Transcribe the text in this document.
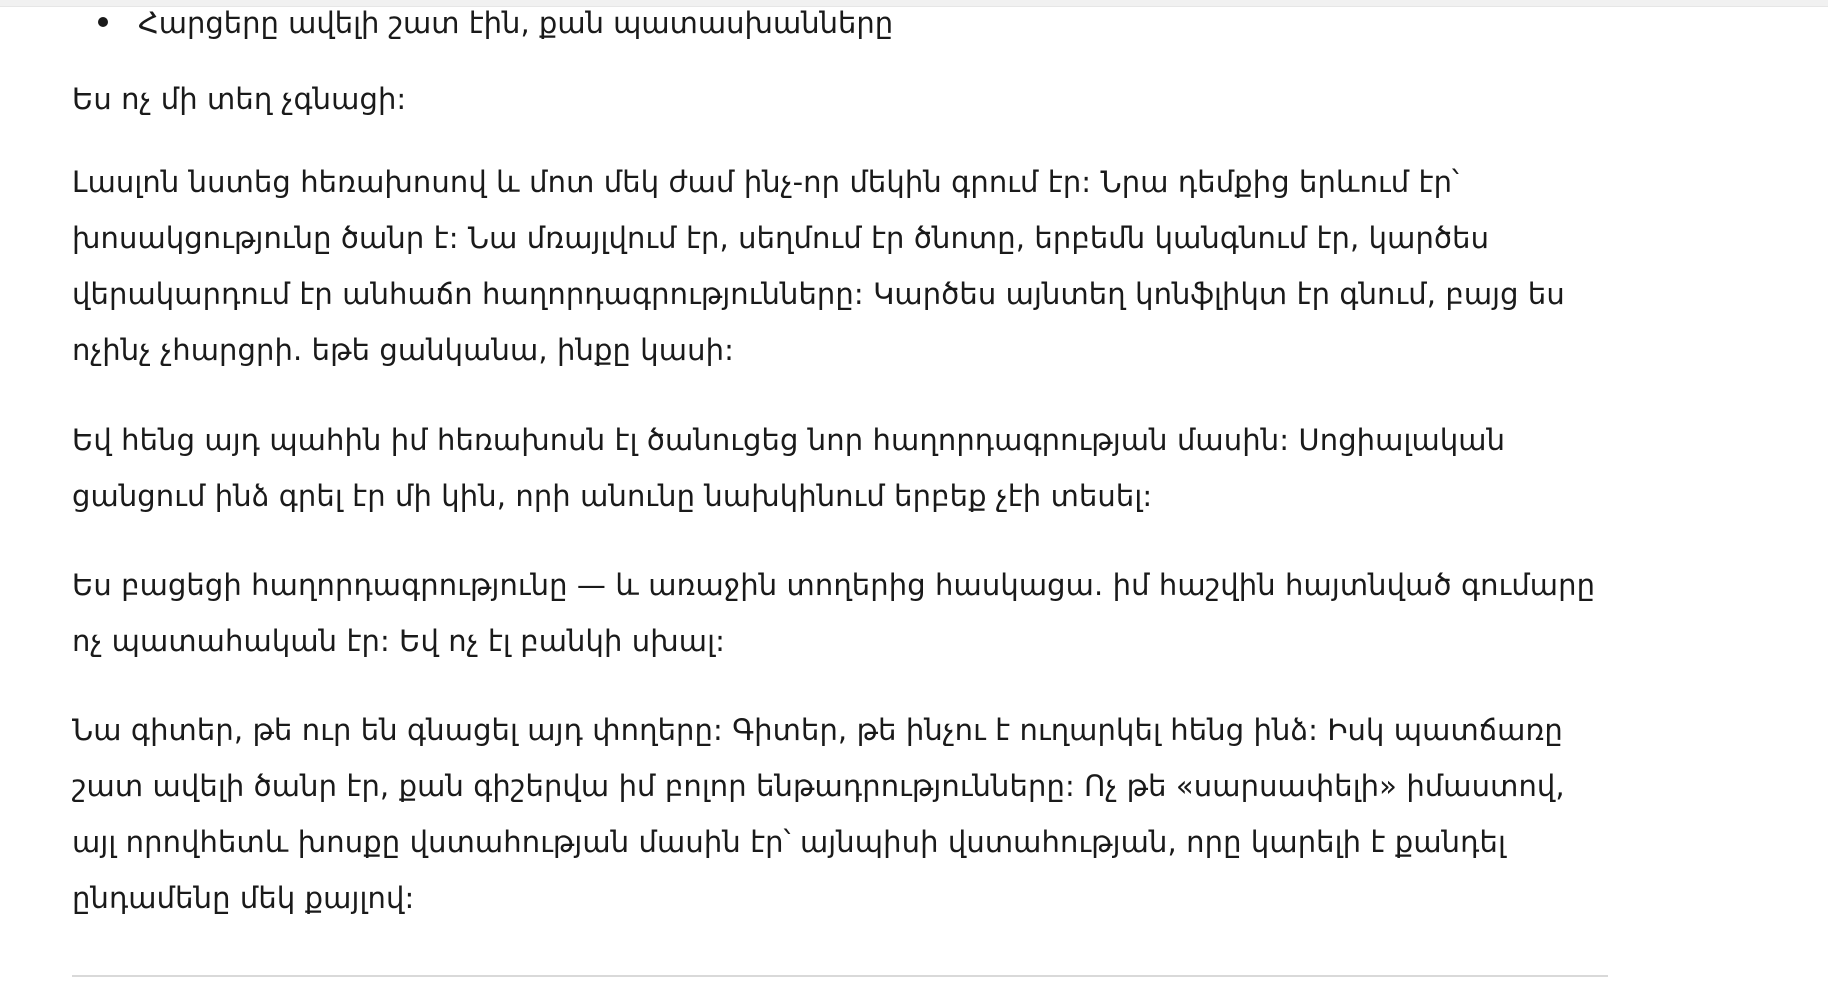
Հարցերը ավելի շատ էին, քան պատասխանները

Ես ոչ մի տեղ չգնացի:

Լասլոն նստեց հեռախոսով և մոտ մեկ ժամ ինչ-որ մեկին գրում էր: Նրա դեմքից երևում էր՝ խոսակցությունը ծանր է: Նա մռայլվում էր, սեղմում էր ծնոտը, երբեմն կանգնում էր, կարծես վերակարդում էր անհաճո հաղորդագրությունները: Կարծես այնտեղ կոնֆլիկտ էր գնում, բայց ես ոչինչ չհարցրի. եթե ցանկանա, ինքը կասի:

Եվ հենց այդ պահին իմ հեռախոսն էլ ծանուցեց նոր հաղորդագրության մասին: Սոցիալական ցանցում ինձ գրել էր մի կին, որի անունը նախկինում երբեք չէի տեսել:

Ես բացեցի հաղորդագրությունը — և առաջին տողերից հասկացա. իմ հաշվին հայտնված գումարը ոչ պատահական էր: Եվ ոչ էլ բանկի սխալ:

Նա գիտեր, թե ուր են գնացել այդ փողերը: Գիտեր, թե ինչու է ուղարկել հենց ինձ: Իսկ պատճառը շատ ավելի ծանր էր, քան գիշերվա իմ բոլոր ենթադրությունները: Ոչ թե «սարսափելի» իմաստով, այլ որովհետև խոսքը վստահության մասին էր՝ այնպիսի վստահության, որը կարելի է քանդել ընդամենը մեկ քայլով:
